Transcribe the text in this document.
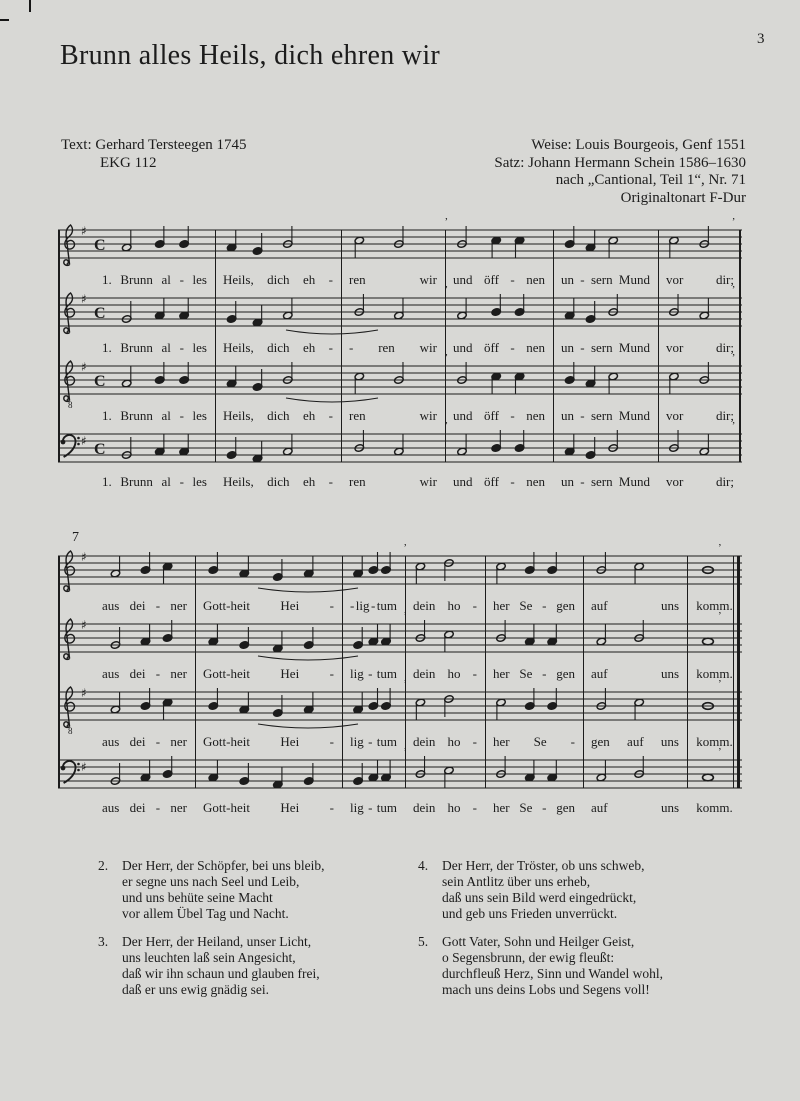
Brunn alles Heils, dich ehren wir
3
Text: Gerhard Tersteegen 1745
EKG 112
Weise: Louis Bourgeois, Genf 1551
Satz: Johann Hermann Schein 1586–1630
nach „Cantional, Teil 1“, Nr. 71
Originaltonart F-Dur
♯
C
’	’
1. Brunn al - les Heils, dich eh - ren	wir und öff - nen un - sern Mund vor	dir;
♯
C
’	’
1. Brunn al - les Heils, dich eh - - ren wir und öff - nen un - sern Mund vor	dir;
8
♯
C
’	’
1. Brunn al - les Heils, dich eh - ren	wir und öff - nen un - sern Mund vor	dir;
♯ C
’	’
1. Brunn al - les Heils, dich eh - ren	wir und öff - nen un - sern Mund vor	dir;
7
♯
’	’
aus dei - ner Gott-heit Hei - - lig - tum dein ho - her Se - gen auf	uns komm.
♯
’	’
aus dei - ner Gott-heit Hei - lig - tum dein ho - her Se - gen auf	uns komm.
8
♯
’	’
aus dei - ner Gott-heit Hei - lig - tum dein ho - her Se - gen auf uns komm.
♯
’	’
aus dei - ner Gott-heit Hei - lig - tum dein ho - her Se - gen auf	uns komm.
2.	Der Herr, der Schöpfer, bei uns bleib,
er segne uns nach Seel und Leib,
und uns behüte seine Macht
vor allem Übel Tag und Nacht.
3.	Der Herr, der Heiland, unser Licht,
uns leuchten laß sein Angesicht,
daß wir ihn schaun und glauben frei,
daß er uns ewig gnädig sei.
4.	Der Herr, der Tröster, ob uns schweb,
sein Antlitz über uns erheb,
daß uns sein Bild werd eingedrückt,
und geb uns Frieden unverrückt.
5.	Gott Vater, Sohn und Heilger Geist,
o Segensbrunn, der ewig fleußt:
durchfleuß Herz, Sinn und Wandel wohl,
mach uns deins Lobs und Segens voll!
